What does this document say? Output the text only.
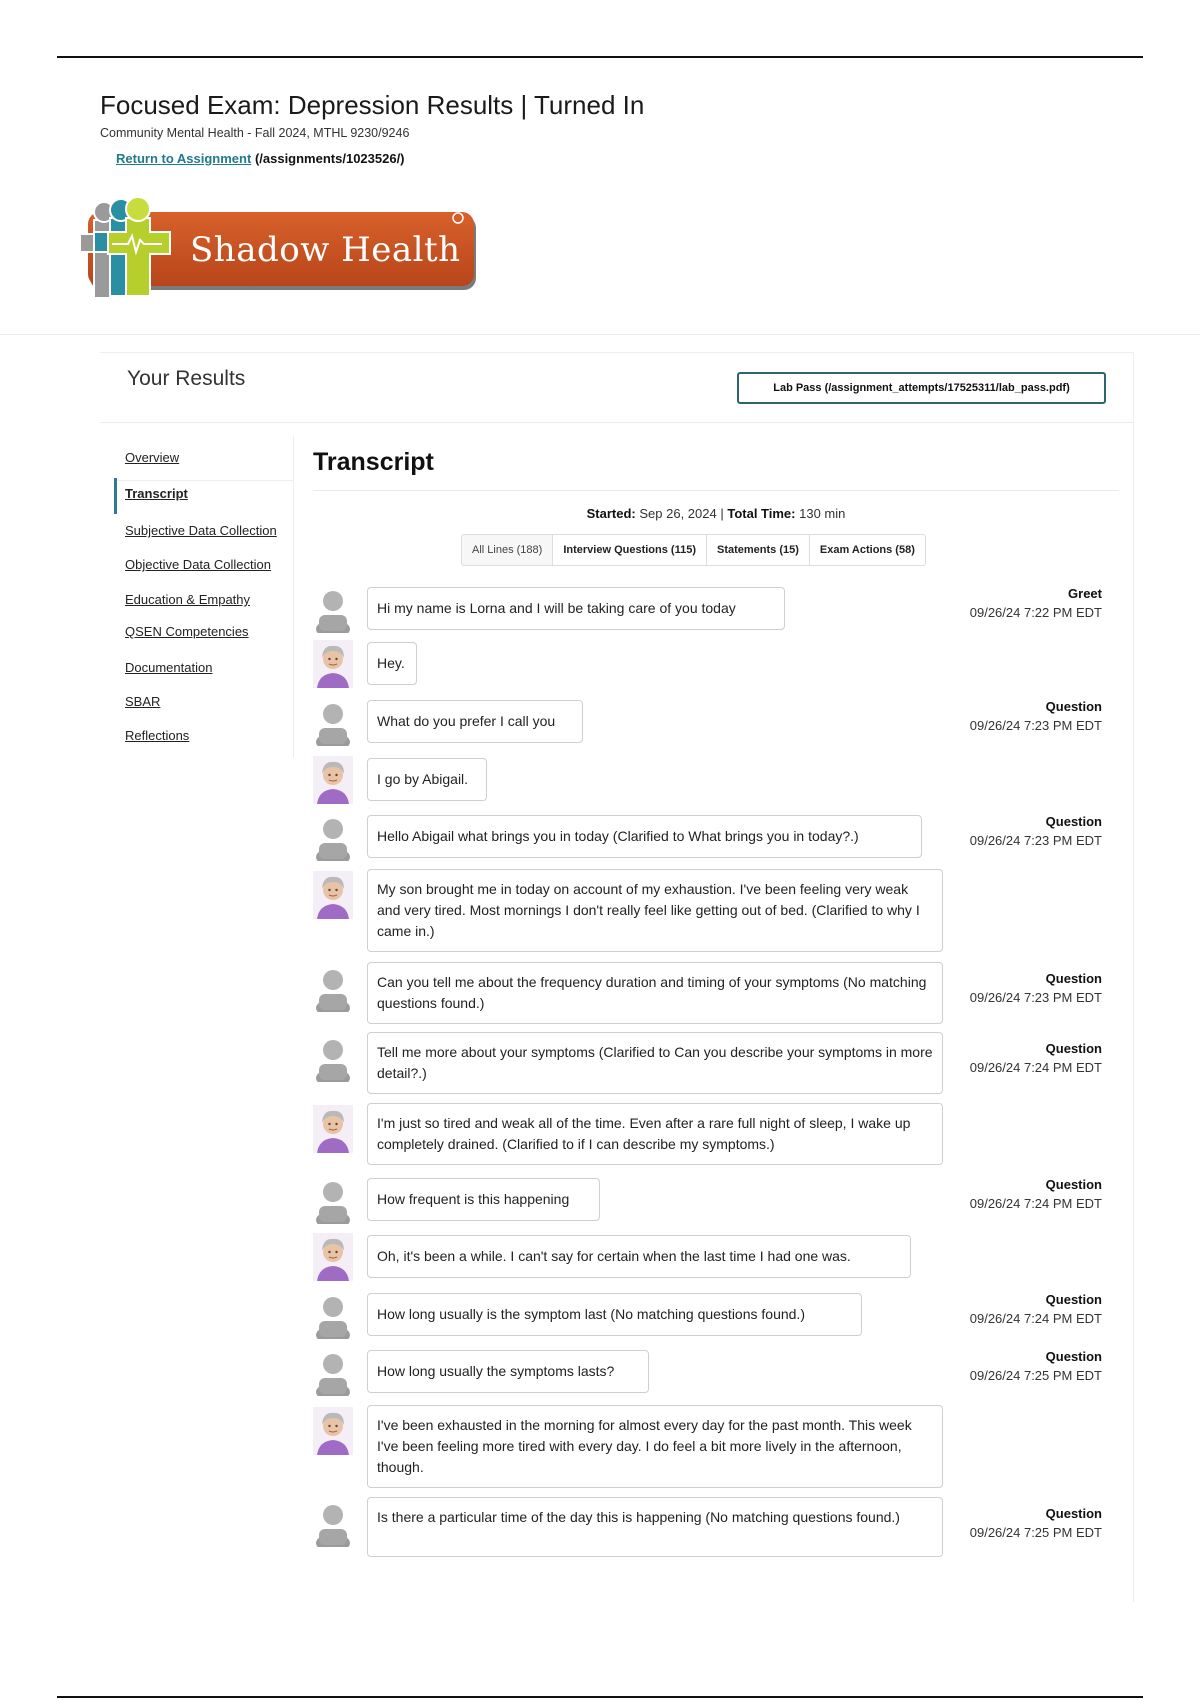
Focused Exam: Depression Results | Turned In
Community Mental Health - Fall 2024, MTHL 9230/9246
Return to Assignment (/assignments/1023526/)
Shadow Health
Your Results	Lab Pass (/assignment_attempts/17525311/lab_pass.pdf)
Overview
Transcript
Subjective Data Collection
Objective Data Collection
Education & Empathy
QSEN Competencies
Documentation
SBAR
Reflections
Transcript
Started: Sep 26, 2024 | Total Time: 130 min
All Lines (188)	Interview Questions (115)	Statements (15)	Exam Actions (58)
Hi my name is Lorna and I will be taking care of you today
Greet
09/26/24 7:22 PM EDT
Hey.
What do you prefer I call you
Question
09/26/24 7:23 PM EDT
I go by Abigail.
Hello Abigail what brings you in today (Clarified to What brings you in today?.)
Question
09/26/24 7:23 PM EDT
My son brought me in today on account of my exhaustion. I've been feeling very weak and very tired. Most mornings I don't really feel like getting out of bed. (Clarified to why I came in.)
Can you tell me about the frequency duration and timing of your symptoms (No matching questions found.)
Question
09/26/24 7:23 PM EDT
Tell me more about your symptoms (Clarified to Can you describe your symptoms in more detail?.)
Question
09/26/24 7:24 PM EDT
I'm just so tired and weak all of the time. Even after a rare full night of sleep, I wake up completely drained. (Clarified to if I can describe my symptoms.)
How frequent is this happening
Question
09/26/24 7:24 PM EDT
Oh, it's been a while. I can't say for certain when the last time I had one was.
How long usually is the symptom last (No matching questions found.)
Question
09/26/24 7:24 PM EDT
How long usually the symptoms lasts?
Question
09/26/24 7:25 PM EDT
I've been exhausted in the morning for almost every day for the past month. This week I've been feeling more tired with every day. I do feel a bit more lively in the afternoon, though.
Is there a particular time of the day this is happening (No matching questions found.)	Question
09/26/24 7:25 PM EDT
